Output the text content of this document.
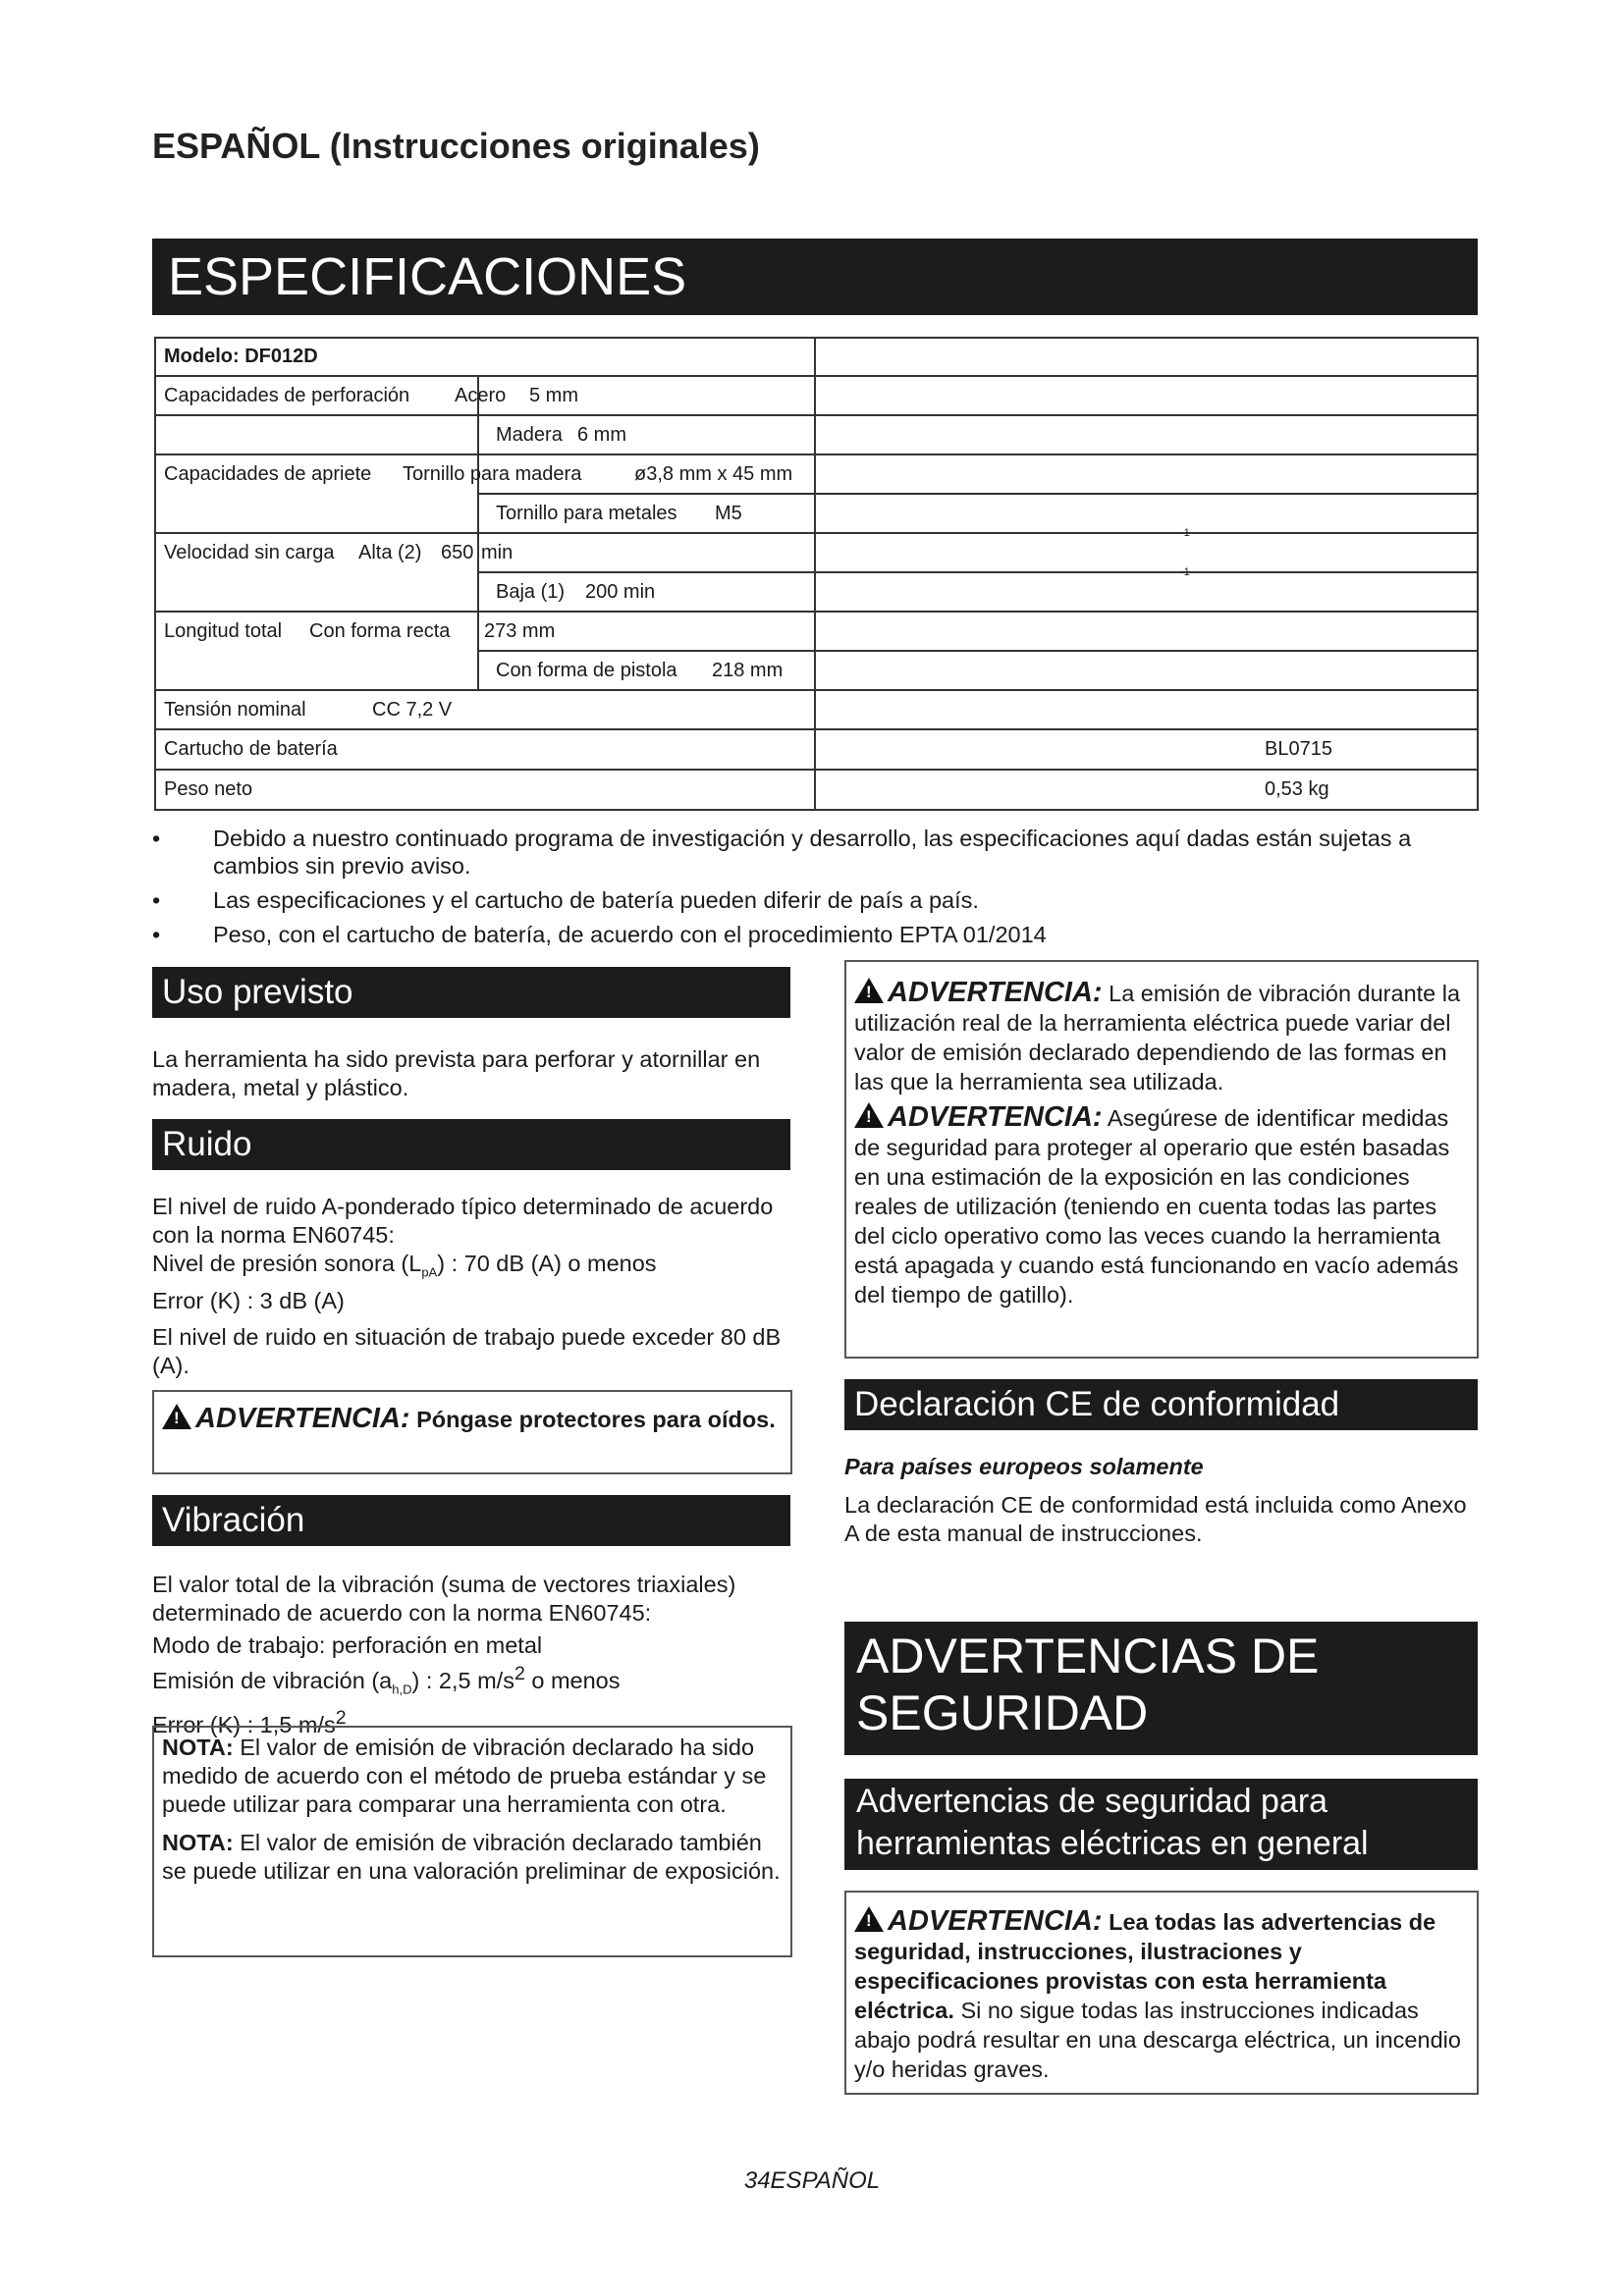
ESPAÑOL (Instrucciones originales)
ESPECIFICACIONES
Modelo: DF012D
Capacidades de perforación Acero 5 mm
Madera 6 mm
Capacidades de apriete Tornillo para madera	ø3,8 mm x 45 mm
Tornillo para metales M5
Velocidad sin carga Alta (2) 650 min
-1
Baja (1) 200 min
-1
Longitud total Con forma recta 273 mm
Con forma de pistola 218 mm
Tensión nominal	CC 7,2 V
Cartucho de batería	BL0715
Peso neto	0,53 kg
• Debido a nuestro continuado programa de investigación y desarrollo, las especificaciones aquí dadas están sujetas a cambios sin previo aviso.
• Las especificaciones y el cartucho de batería pueden diferir de país a país.
• Peso, con el cartucho de batería, de acuerdo con el procedimiento EPTA 01/2014
Uso previsto

La herramienta ha sido prevista para perforar y atornillar en madera, metal y plástico.

Ruido

El nivel de ruido A-ponderado típico determinado de acuerdo con la norma EN60745:

Nivel de presión sonora $(L_{pA})$ : 70 dB (A) o menos

Error (K) : 3 dB (A)

El nivel de ruido en situación de trabajo puede exceder 80 dB (A).

!ADVERTENCIA: Póngase protectores para oídos.
Vibración

El valor total de la vibración (suma de vectores triaxiales) determinado de acuerdo con la norma EN60745:

Modo de trabajo: perforación en metal

Emisión de vibración $(a_{h,D})$ : 2,5 $m/s^2$ o menos

Error (K) : 1,5 $m/s^2$

NOTA: El valor de emisión de vibración declarado ha sido medido de acuerdo con el método de prueba estándar y se puede utilizar para comparar una herramienta con otra.

NOTA: El valor de emisión de vibración declarado también se puede utilizar en una valoración preliminar de exposición.

!ADVERTENCIA: La emisión de vibración durante la utilización real de la herramienta eléctrica puede variar del valor de emisión declarado dependiendo de las formas en las que la herramienta sea utilizada.

!ADVERTENCIA: Asegúrese de identificar medidas de seguridad para proteger al operario que estén basadas en una estimación de la exposición en las condiciones reales de utilización (teniendo en cuenta todas las partes del ciclo operativo como las veces cuando la herramienta está apagada y cuando está funcionando en vacío además del tiempo de gatillo).

Declaración CE de conformidad

Para países europeos solamente

La declaración CE de conformidad está incluida como Anexo A de esta manual de instrucciones.

ADVERTENCIAS DE
SEGURIDAD
Advertencias de seguridad para
herramientas eléctricas en general
!ADVERTENCIA: Lea todas las advertencias de seguridad, instrucciones, ilustraciones y especificaciones provistas con esta herramienta eléctrica. Si no sigue todas las instrucciones indicadas abajo podrá resultar en una descarga eléctrica, un incendio y/o heridas graves.
34ESPAÑOL
